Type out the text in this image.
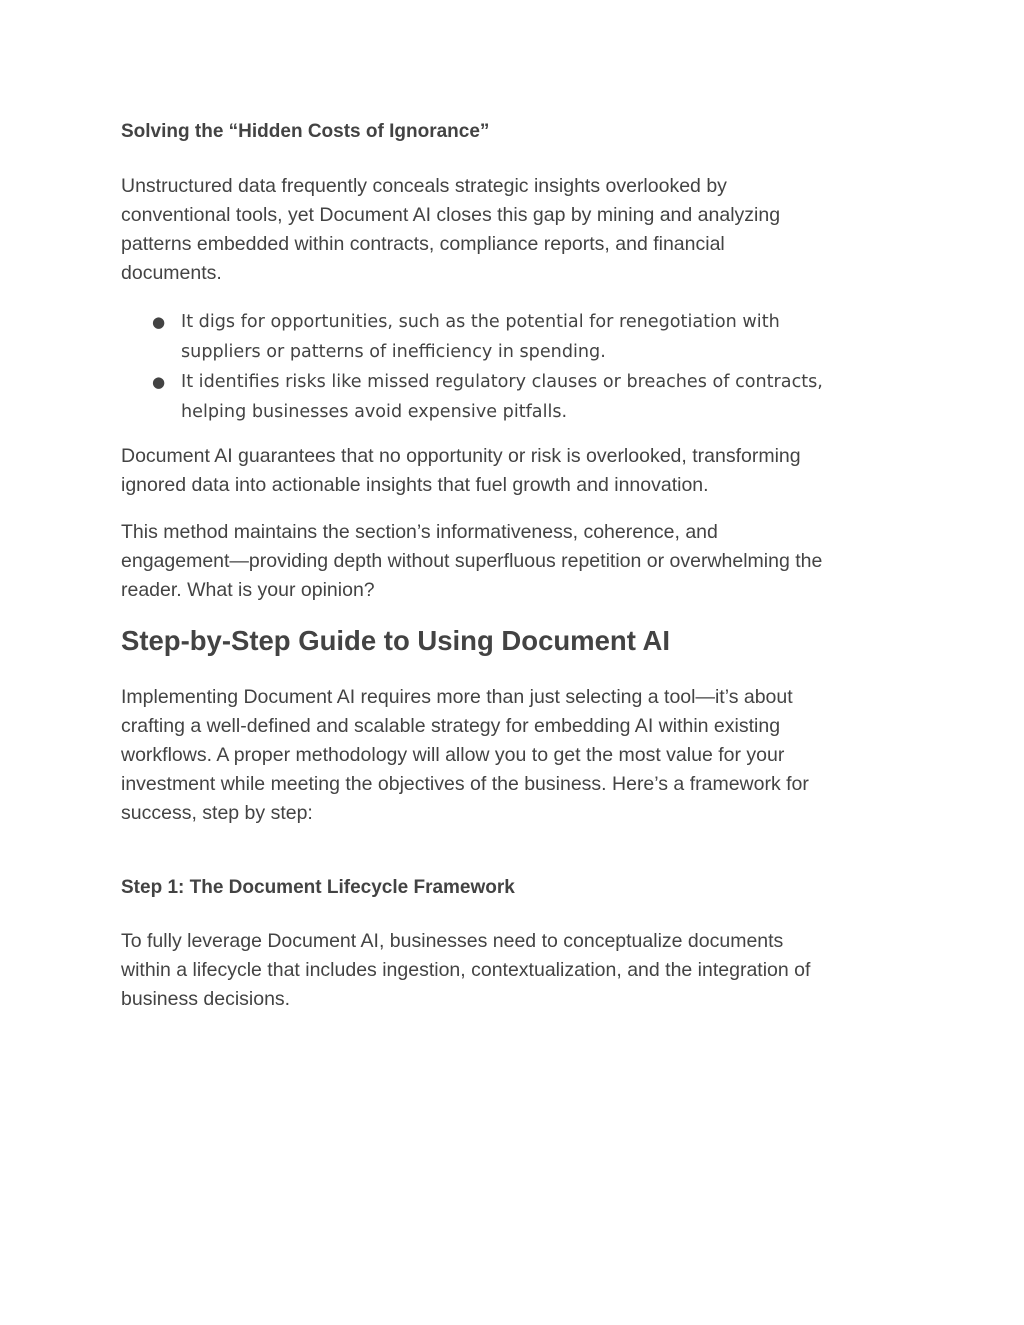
Solving the “Hidden Costs of Ignorance”
Unstructured data frequently conceals strategic insights overlooked by
conventional tools, yet Document AI closes this gap by mining and analyzing
patterns embedded within contracts, compliance reports, and financial
documents.
● It digs for opportunities, such as the potential for renegotiation with
suppliers or patterns of inefficiency in spending.
● It identifies risks like missed regulatory clauses or breaches of contracts,
helping businesses avoid expensive pitfalls.
Document AI guarantees that no opportunity or risk is overlooked, transforming
ignored data into actionable insights that fuel growth and innovation.
This method maintains the section’s informativeness, coherence, and
engagement—providing depth without superfluous repetition or overwhelming the
reader. What is your opinion?
Step-by-Step Guide to Using Document AI
Implementing Document AI requires more than just selecting a tool—it’s about
crafting a well-defined and scalable strategy for embedding AI within existing
workflows. A proper methodology will allow you to get the most value for your
investment while meeting the objectives of the business. Here’s a framework for
success, step by step:
Step 1: The Document Lifecycle Framework
To fully leverage Document AI, businesses need to conceptualize documents
within a lifecycle that includes ingestion, contextualization, and the integration of
business decisions.
